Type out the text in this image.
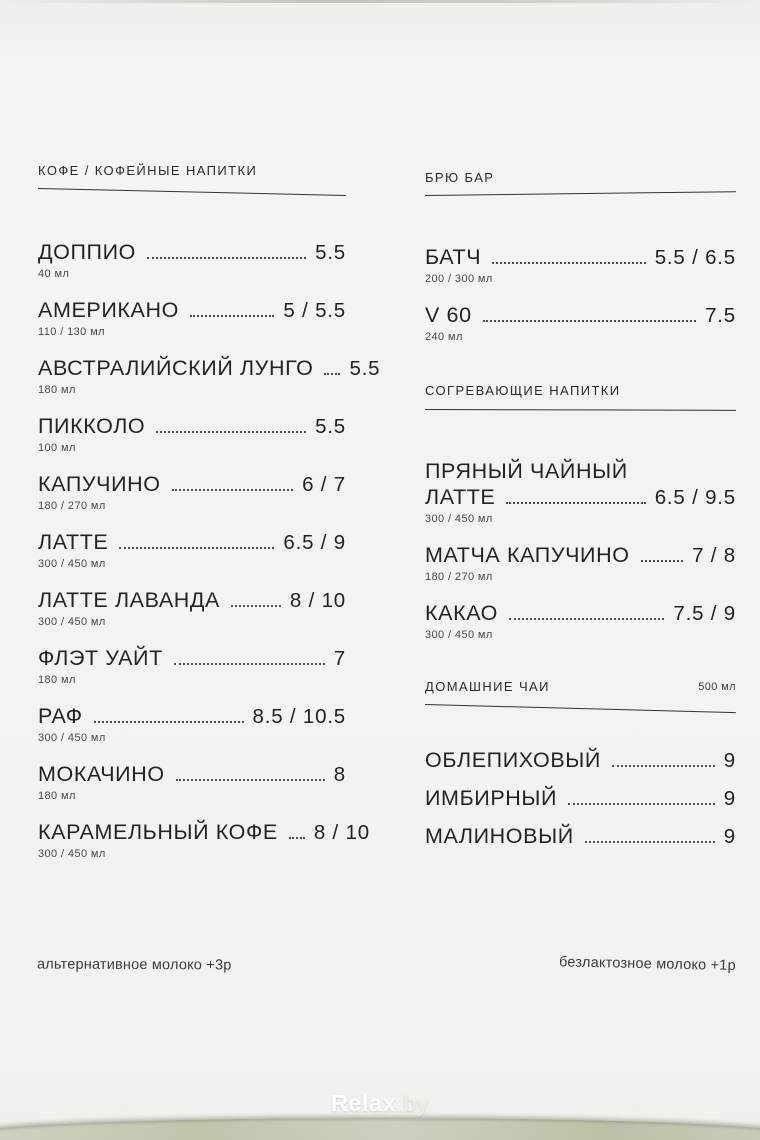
КОФЕ / КОФЕЙНЫЕ НАПИТКИ
ДОППИО	5.5
40 мл
АМЕРИКАНО	5 / 5.5
110 / 130 мл
АВСТРАЛИЙСКИЙ ЛУНГО 5.5
180 мл
ПИККОЛО	5.5
100 мл
КАПУЧИНО	6 / 7
180 / 270 мл
ЛАТТЕ	6.5 / 9
300 / 450 мл
ЛАТТЕ ЛАВАНДА	8 / 10
300 / 450 мл
ФЛЭТ УАЙТ	7
180 мл
РАФ	8.5 / 10.5
300 / 450 мл
МОКАЧИНО	8
180 мл
КАРАМЕЛЬНЫЙ КОФЕ 8 / 10
300 / 450 мл
БРЮ БАР
БАТЧ	5.5 / 6.5
200 / 300 мл
V 60	7.5
240 мл
СОГРЕВАЮЩИЕ НАПИТКИ
ПРЯНЫЙ ЧАЙНЫЙ
ЛАТТЕ	6.5 / 9.5
300 / 450 мл
МАТЧА КАПУЧИНО	7 / 8
180 / 270 мл
КАКАО	7.5 / 9
300 / 450 мл
ДОМАШНИЕ ЧАИ	500 мл
ОБЛЕПИХОВЫЙ	9
ИМБИРНЫЙ	9
МАЛИНОВЫЙ	9
альтернативное молоко +3р	безлактозное молоко +1р
Relax.by
